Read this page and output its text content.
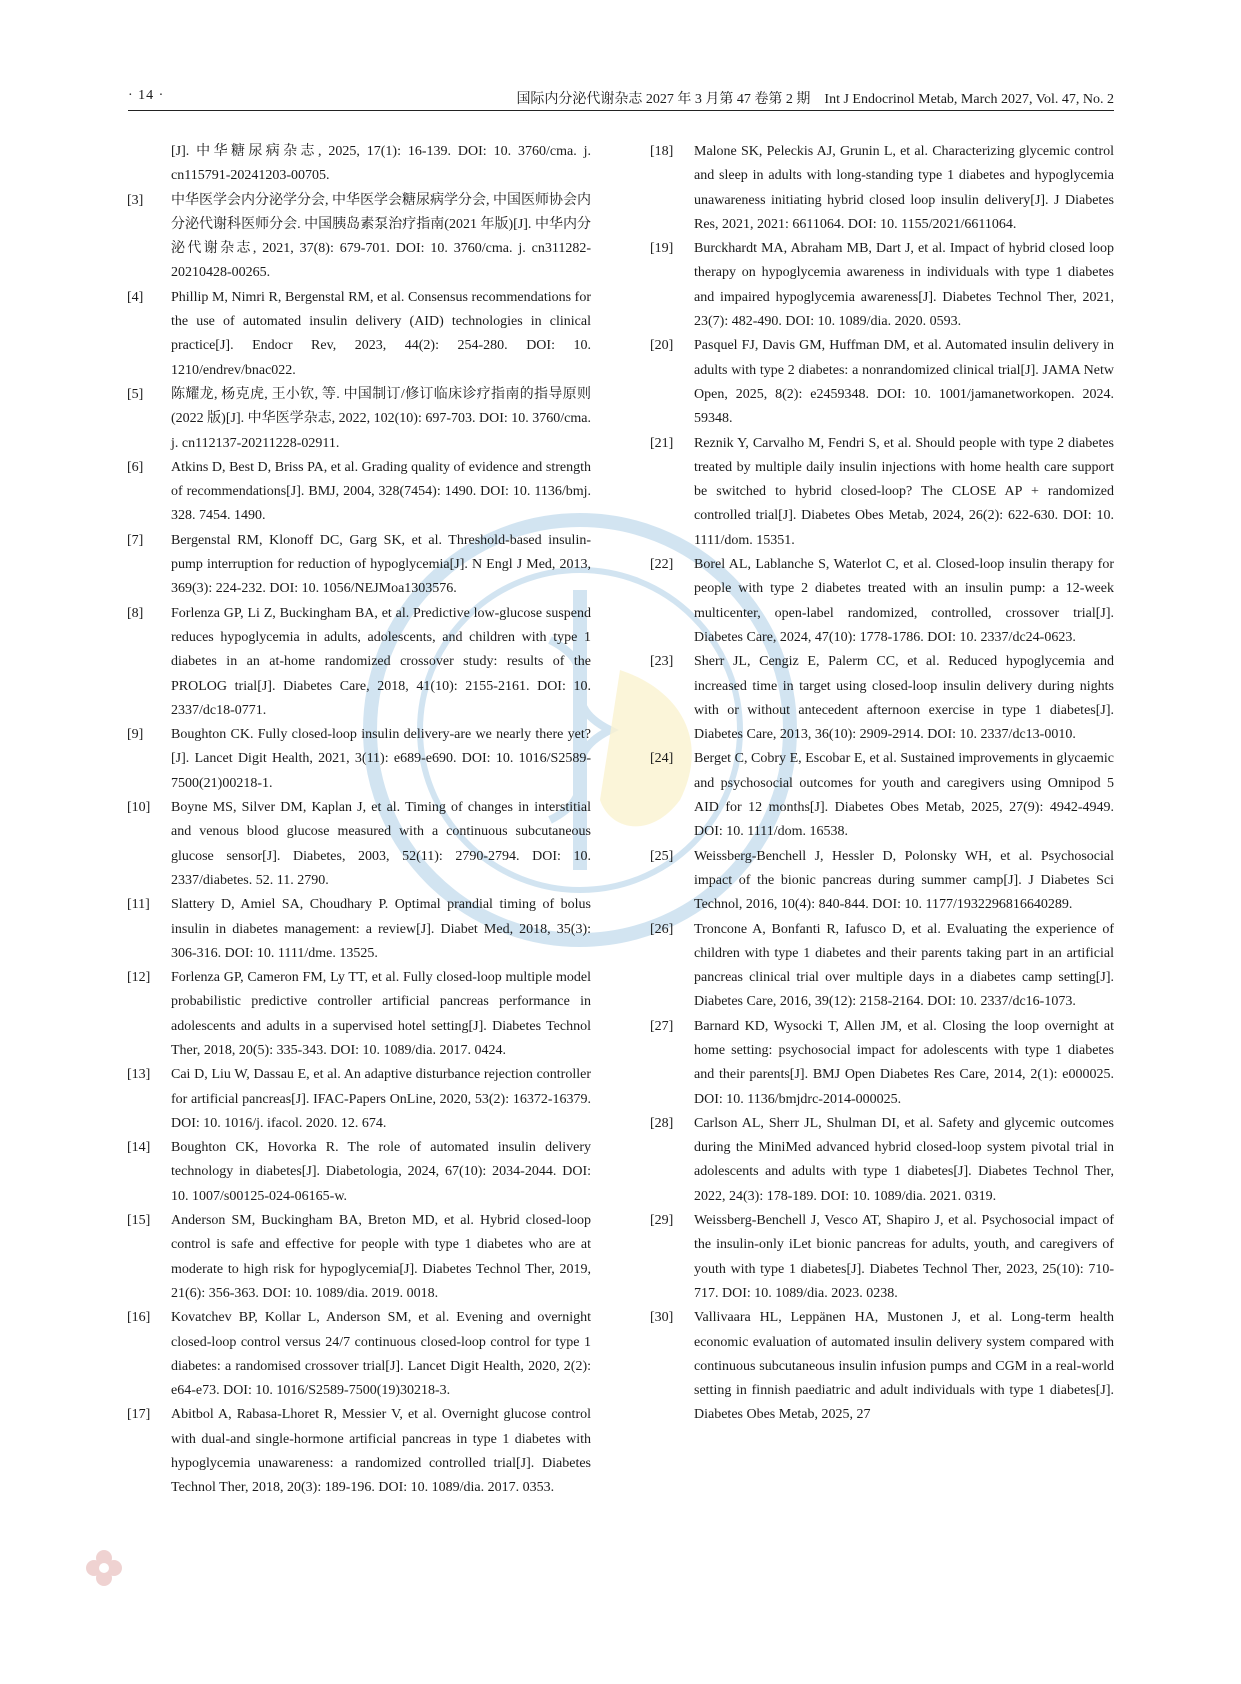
· 14 ·	国际内分泌代谢杂志 2027 年 3 月第 47 卷第 2 期　Int J Endocrinol Metab, March 2027, Vol. 47, No. 2
[J]. 中华糖尿病杂志, 2025, 17(1): 16-139. DOI: 10. 3760/cma. j. cn115791-20241203-00705.
[3]	中华医学会内分泌学分会, 中华医学会糖尿病学分会, 中国医师协会内分泌代谢科医师分会. 中国胰岛素泵治疗指南(2021 年版)[J]. 中华内分泌代谢杂志, 2021, 37(8): 679-701. DOI: 10. 3760/cma. j. cn311282-20210428-00265.
[4]	Phillip M, Nimri R, Bergenstal RM, et al. Consensus recommendations for the use of automated insulin delivery (AID) technologies in clinical practice[J]. Endocr Rev, 2023, 44(2): 254-280. DOI: 10. 1210/endrev/bnac022.
[5]	陈耀龙, 杨克虎, 王小钦, 等. 中国制订/修订临床诊疗指南的指导原则(2022 版)[J]. 中华医学杂志, 2022, 102(10): 697-703. DOI: 10. 3760/cma. j. cn112137-20211228-02911.
[6]	Atkins D, Best D, Briss PA, et al. Grading quality of evidence and strength of recommendations[J]. BMJ, 2004, 328(7454): 1490. DOI: 10. 1136/bmj. 328. 7454. 1490.
[7]	Bergenstal RM, Klonoff DC, Garg SK, et al. Threshold-based insulin-pump interruption for reduction of hypoglycemia[J]. N Engl J Med, 2013, 369(3): 224-232. DOI: 10. 1056/NEJMoa1303576.
[8]	Forlenza GP, Li Z, Buckingham BA, et al. Predictive low-glucose suspend reduces hypoglycemia in adults, adolescents, and children with type 1 diabetes in an at-home randomized crossover study: results of the PROLOG trial[J]. Diabetes Care, 2018, 41(10): 2155-2161. DOI: 10. 2337/dc18-0771.
[9]	Boughton CK. Fully closed-loop insulin delivery-are we nearly there yet? [J]. Lancet Digit Health, 2021, 3(11): e689-e690. DOI: 10. 1016/S2589-7500(21)00218-1.
[10]	Boyne MS, Silver DM, Kaplan J, et al. Timing of changes in interstitial and venous blood glucose measured with a continuous subcutaneous glucose sensor[J]. Diabetes, 2003, 52(11): 2790-2794. DOI: 10. 2337/diabetes. 52. 11. 2790.
[11]	Slattery D, Amiel SA, Choudhary P. Optimal prandial timing of bolus insulin in diabetes management: a review[J]. Diabet Med, 2018, 35(3): 306-316. DOI: 10. 1111/dme. 13525.
[12]	Forlenza GP, Cameron FM, Ly TT, et al. Fully closed-loop multiple model probabilistic predictive controller artificial pancreas performance in adolescents and adults in a supervised hotel setting[J]. Diabetes Technol Ther, 2018, 20(5): 335-343. DOI: 10. 1089/dia. 2017. 0424.
[13]	Cai D, Liu W, Dassau E, et al. An adaptive disturbance rejection controller for artificial pancreas[J]. IFAC-Papers OnLine, 2020, 53(2): 16372-16379. DOI: 10. 1016/j. ifacol. 2020. 12. 674.
[14]	Boughton CK, Hovorka R. The role of automated insulin delivery technology in diabetes[J]. Diabetologia, 2024, 67(10): 2034-2044. DOI: 10. 1007/s00125-024-06165-w.
[15]	Anderson SM, Buckingham BA, Breton MD, et al. Hybrid closed-loop control is safe and effective for people with type 1 diabetes who are at moderate to high risk for hypoglycemia[J]. Diabetes Technol Ther, 2019, 21(6): 356-363. DOI: 10. 1089/dia. 2019. 0018.
[16]	Kovatchev BP, Kollar L, Anderson SM, et al. Evening and overnight closed-loop control versus 24/7 continuous closed-loop control for type 1 diabetes: a randomised crossover trial[J]. Lancet Digit Health, 2020, 2(2): e64-e73. DOI: 10. 1016/S2589-7500(19)30218-3.
[17]	Abitbol A, Rabasa-Lhoret R, Messier V, et al. Overnight glucose control with dual-and single-hormone artificial pancreas in type 1 diabetes with hypoglycemia unawareness: a randomized controlled trial[J]. Diabetes Technol Ther, 2018, 20(3): 189-196. DOI: 10. 1089/dia. 2017. 0353.
[18]	Malone SK, Peleckis AJ, Grunin L, et al. Characterizing glycemic control and sleep in adults with long-standing type 1 diabetes and hypoglycemia unawareness initiating hybrid closed loop insulin delivery[J]. J Diabetes Res, 2021, 2021: 6611064. DOI: 10. 1155/2021/6611064.
[19]	Burckhardt MA, Abraham MB, Dart J, et al. Impact of hybrid closed loop therapy on hypoglycemia awareness in individuals with type 1 diabetes and impaired hypoglycemia awareness[J]. Diabetes Technol Ther, 2021, 23(7): 482-490. DOI: 10. 1089/dia. 2020. 0593.
[20]	Pasquel FJ, Davis GM, Huffman DM, et al. Automated insulin delivery in adults with type 2 diabetes: a nonrandomized clinical trial[J]. JAMA Netw Open, 2025, 8(2): e2459348. DOI: 10. 1001/jamanetworkopen. 2024. 59348.
[21]	Reznik Y, Carvalho M, Fendri S, et al. Should people with type 2 diabetes treated by multiple daily insulin injections with home health care support be switched to hybrid closed-loop? The CLOSE AP + randomized controlled trial[J]. Diabetes Obes Metab, 2024, 26(2): 622-630. DOI: 10. 1111/dom. 15351.
[22]	Borel AL, Lablanche S, Waterlot C, et al. Closed-loop insulin therapy for people with type 2 diabetes treated with an insulin pump: a 12-week multicenter, open-label randomized, controlled, crossover trial[J]. Diabetes Care, 2024, 47(10): 1778-1786. DOI: 10. 2337/dc24-0623.
[23]	Sherr JL, Cengiz E, Palerm CC, et al. Reduced hypoglycemia and increased time in target using closed-loop insulin delivery during nights with or without antecedent afternoon exercise in type 1 diabetes[J]. Diabetes Care, 2013, 36(10): 2909-2914. DOI: 10. 2337/dc13-0010.
[24]	Berget C, Cobry E, Escobar E, et al. Sustained improvements in glycaemic and psychosocial outcomes for youth and caregivers using Omnipod 5 AID for 12 months[J]. Diabetes Obes Metab, 2025, 27(9): 4942-4949. DOI: 10. 1111/dom. 16538.
[25]	Weissberg-Benchell J, Hessler D, Polonsky WH, et al. Psychosocial impact of the bionic pancreas during summer camp[J]. J Diabetes Sci Technol, 2016, 10(4): 840-844. DOI: 10. 1177/1932296816640289.
[26]	Troncone A, Bonfanti R, Iafusco D, et al. Evaluating the experience of children with type 1 diabetes and their parents taking part in an artificial pancreas clinical trial over multiple days in a diabetes camp setting[J]. Diabetes Care, 2016, 39(12): 2158-2164. DOI: 10. 2337/dc16-1073.
[27]	Barnard KD, Wysocki T, Allen JM, et al. Closing the loop overnight at home setting: psychosocial impact for adolescents with type 1 diabetes and their parents[J]. BMJ Open Diabetes Res Care, 2014, 2(1): e000025. DOI: 10. 1136/bmjdrc-2014-000025.
[28]	Carlson AL, Sherr JL, Shulman DI, et al. Safety and glycemic outcomes during the MiniMed advanced hybrid closed-loop system pivotal trial in adolescents and adults with type 1 diabetes[J]. Diabetes Technol Ther, 2022, 24(3): 178-189. DOI: 10. 1089/dia. 2021. 0319.
[29]	Weissberg-Benchell J, Vesco AT, Shapiro J, et al. Psychosocial impact of the insulin-only iLet bionic pancreas for adults, youth, and caregivers of youth with type 1 diabetes[J]. Diabetes Technol Ther, 2023, 25(10): 710-717. DOI: 10. 1089/dia. 2023. 0238.
[30]	Vallivaara HL, Leppänen HA, Mustonen J, et al. Long-term health economic evaluation of automated insulin delivery system compared with continuous subcutaneous insulin infusion pumps and CGM in a real-world setting in finnish paediatric and adult individuals with type 1 diabetes[J]. Diabetes Obes Metab, 2025, 27
